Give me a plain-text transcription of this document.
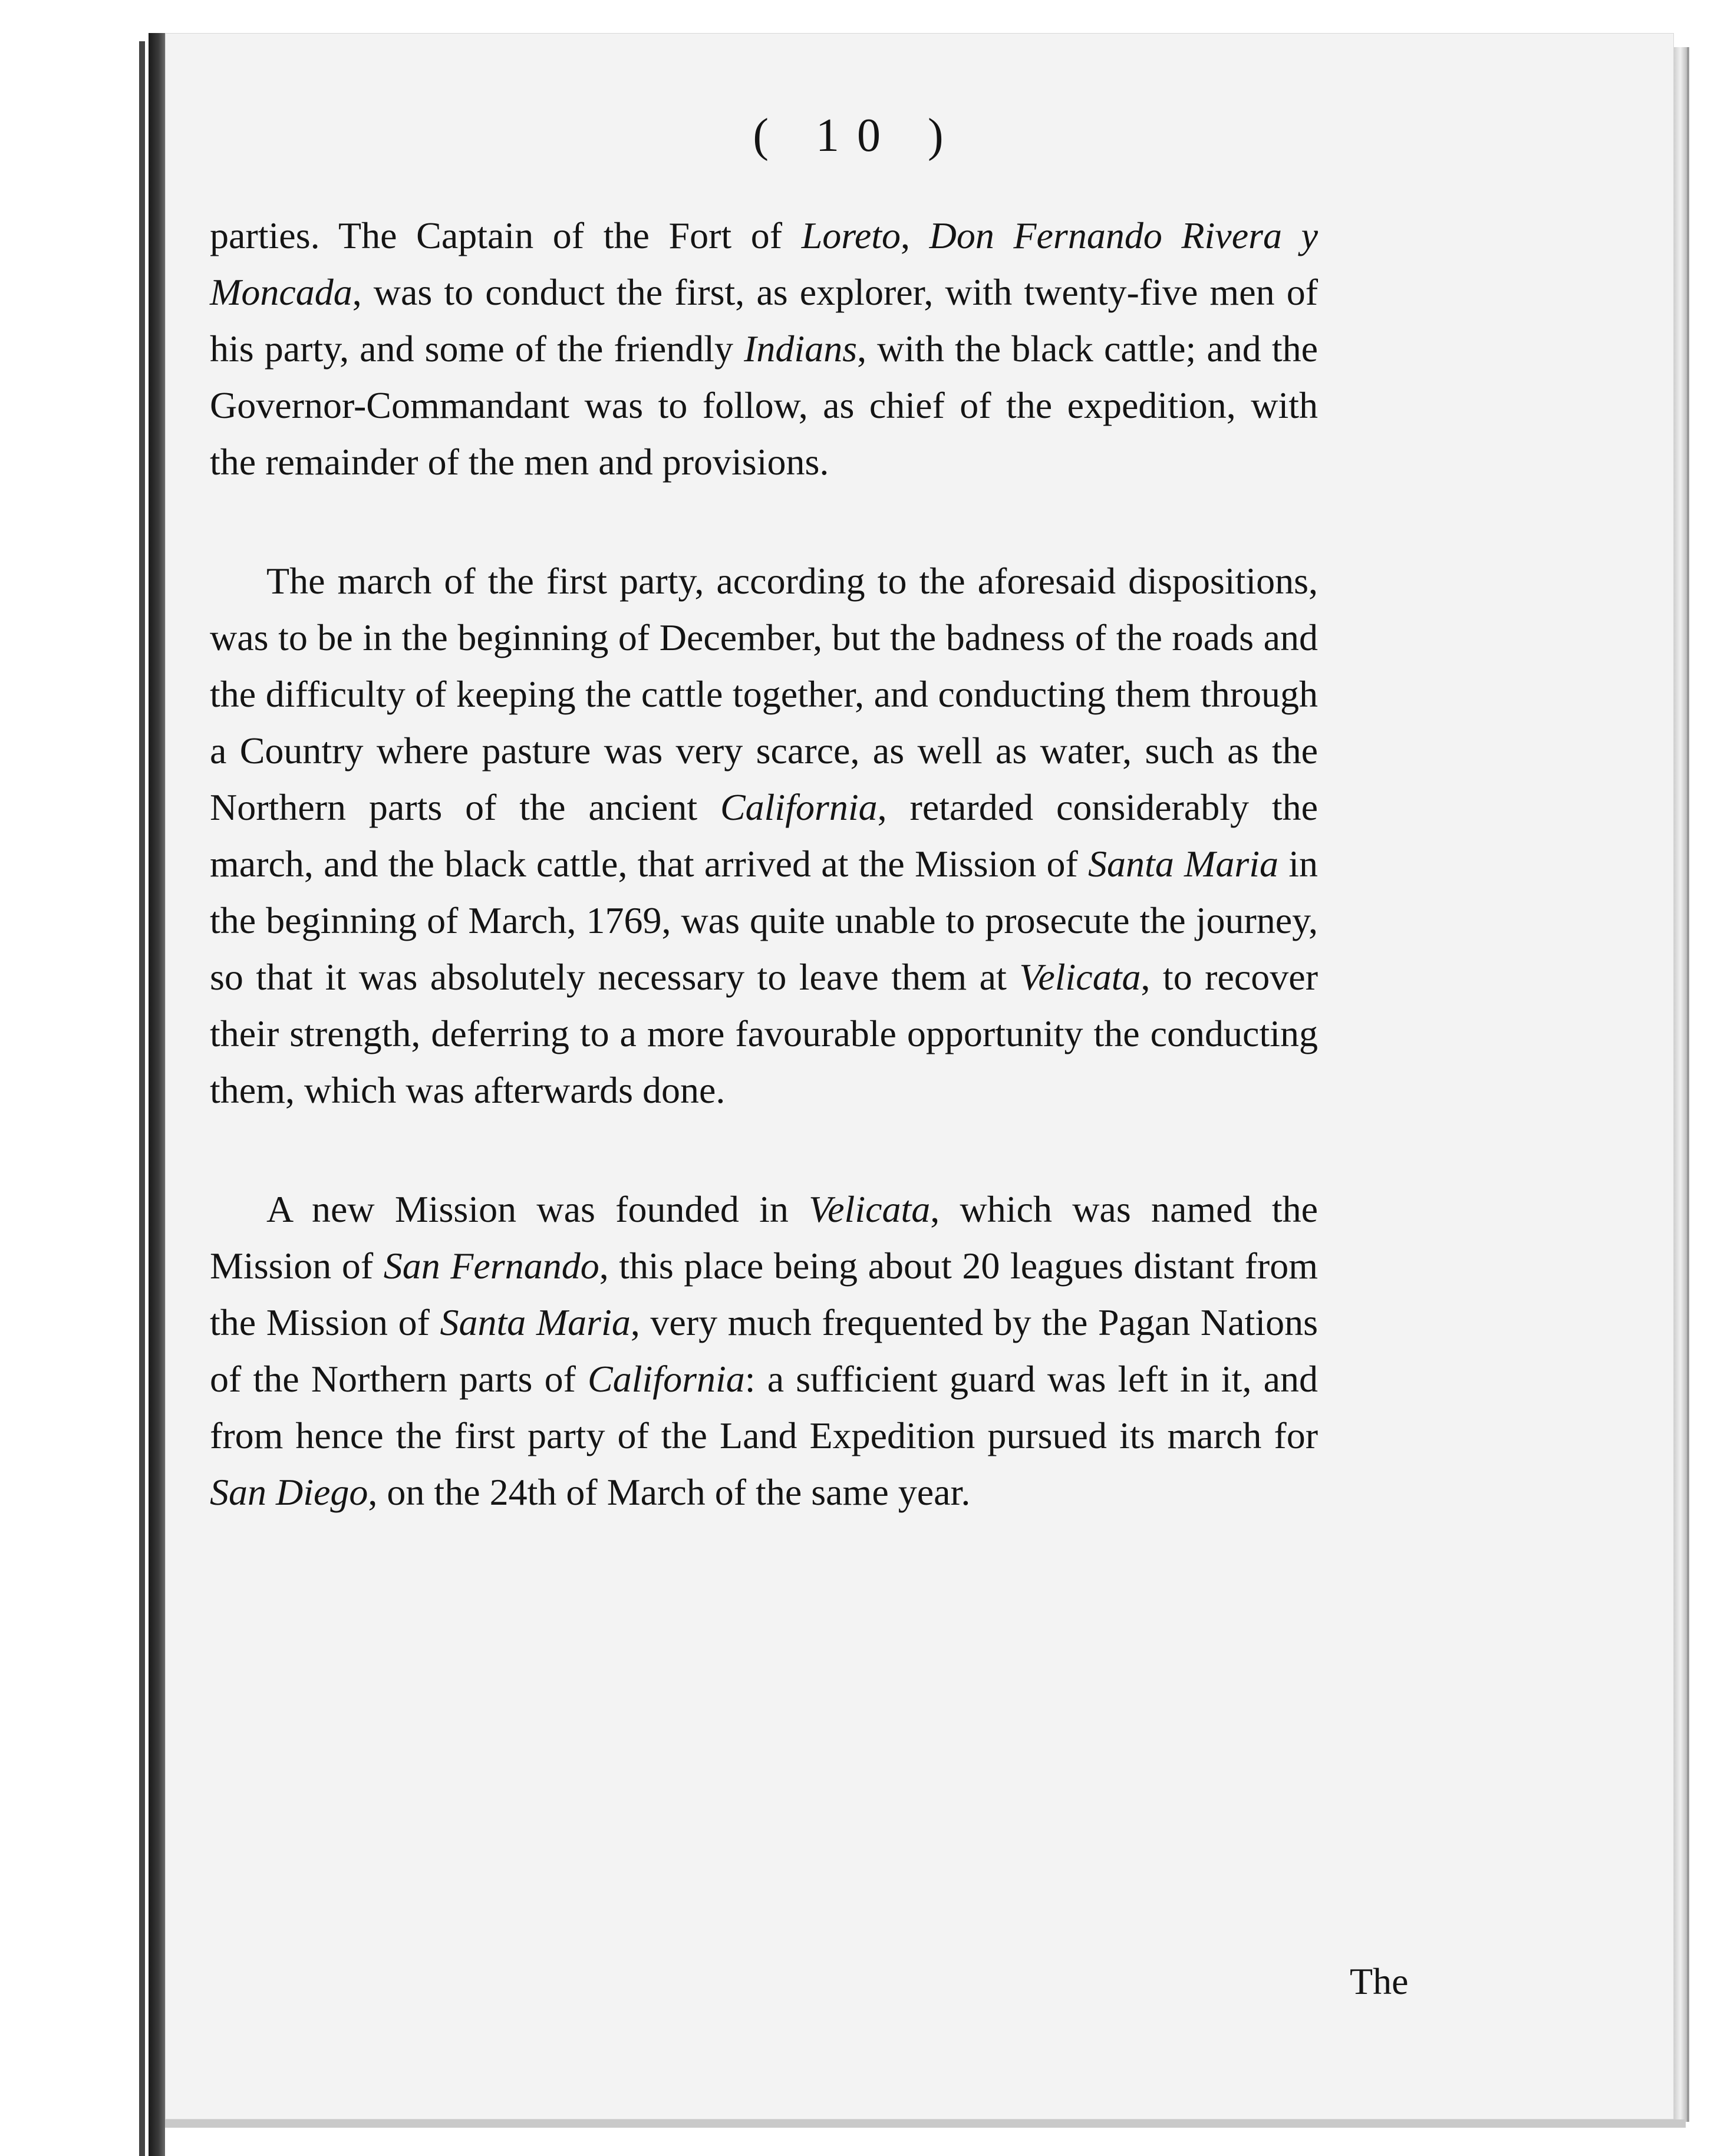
( 10 )

parties. The Captain of the Fort of Loreto, Don Fernando Rivera y Moncada, was to conduct the first, as explorer, with twenty-five men of his party, and some of the friendly Indians, with the black cattle; and the Governor-Commandant was to follow, as chief of the expedition, with the remainder of the men and provisions.

The march of the first party, according to the aforesaid dispositions, was to be in the beginning of December, but the badness of the roads and the difficulty of keeping the cattle together, and conducting them through a Country where pasture was very scarce, as well as water, such as the Northern parts of the ancient California, retarded considerably the march, and the black cattle, that arrived at the Mission of Santa Maria in the beginning of March, 1769, was quite unable to prosecute the journey, so that it was absolutely necessary to leave them at Velicata, to recover their strength, deferring to a more favourable opportunity the conducting them, which was afterwards done.

A new Mission was founded in Velicata, which was named the Mission of San Fernando, this place being about 20 leagues distant from the Mission of Santa Maria, very much frequented by the Pagan Nations of the Northern parts of California: a sufficient guard was left in it, and from hence the first party of the Land Expedition pursued its march for San Diego, on the 24th of March of the same year.

The
